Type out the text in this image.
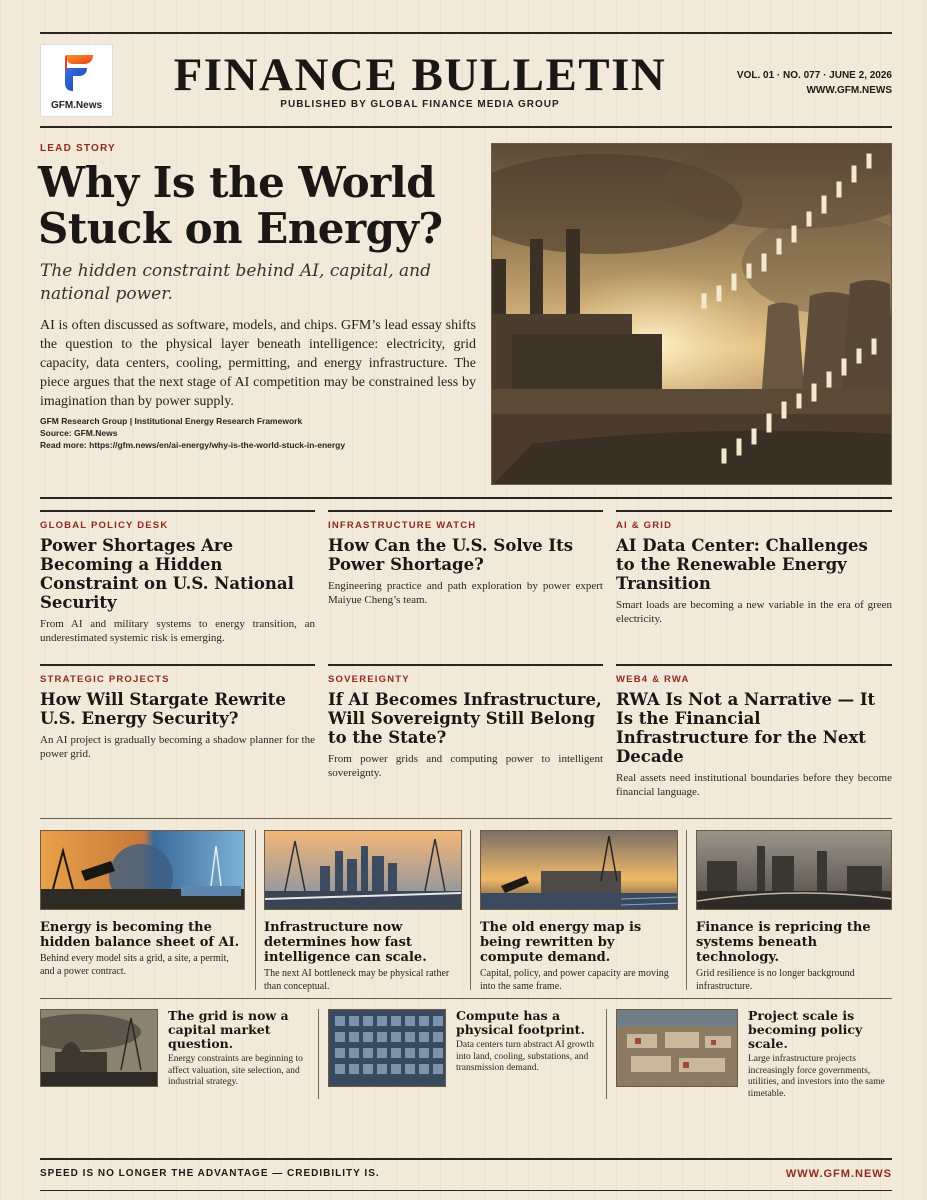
GFM.News
FINANCE BULLETIN
PUBLISHED BY GLOBAL FINANCE MEDIA GROUP
VOL. 01 · NO. 077 · JUNE 2, 2026
WWW.GFM.NEWS
LEAD STORY
Why Is the World Stuck on Energy?
The hidden constraint behind AI, capital, and national power.
AI is often discussed as software, models, and chips. GFM’s lead essay shifts the question to the physical layer beneath intelligence: electricity, grid capacity, data centers, cooling, permitting, and energy infrastructure. The piece argues that the next stage of AI competition may be constrained less by imagination than by power supply.
GFM Research Group | Institutional Energy Research Framework
Source: GFM.News
Read more: https://gfm.news/en/ai-energy/why-is-the-world-stuck-in-energy
GLOBAL POLICY DESK
Power Shortages Are Becoming a Hidden Constraint on U.S. National Security

From AI and military systems to energy transition, an underestimated systemic risk is emerging.

INFRASTRUCTURE WATCH
How Can the U.S. Solve Its Power Shortage?

Engineering practice and path exploration by power expert Maiyue Cheng’s team.

AI & GRID
AI Data Center: Challenges to the Renewable Energy Transition

Smart loads are becoming a new variable in the era of green electricity.

STRATEGIC PROJECTS
How Will Stargate Rewrite U.S. Energy Security?

An AI project is gradually becoming a shadow planner for the power grid.

SOVEREIGNTY
If AI Becomes Infrastructure, Will Sovereignty Still Belong to the State?

From power grids and computing power to intelligent sovereignty.

WEB4 & RWA
RWA Is Not a Narrative — It Is the Financial Infrastructure for the Next Decade

Real assets need institutional boundaries before they become financial language.

Energy is becoming the hidden balance sheet of AI.

Behind every model sits a grid, a site, a permit, and a power contract.

Infrastructure now determines how fast intelligence can scale.

The next AI bottleneck may be physical rather than conceptual.

The old energy map is being rewritten by compute demand.

Capital, policy, and power capacity are moving into the same frame.

Finance is repricing the systems beneath technology.

Grid resilience is no longer background infrastructure.

The grid is now a capital market question.

Energy constraints are beginning to affect valuation, site selection, and industrial strategy.

Compute has a physical footprint.

Data centers turn abstract AI growth into land, cooling, substations, and transmission demand.

Project scale is becoming policy scale.

Large infrastructure projects increasingly force governments, utilities, and investors into the same timetable.

SPEED IS NO LONGER THE ADVANTAGE — CREDIBILITY IS.	WWW.GFM.NEWS
